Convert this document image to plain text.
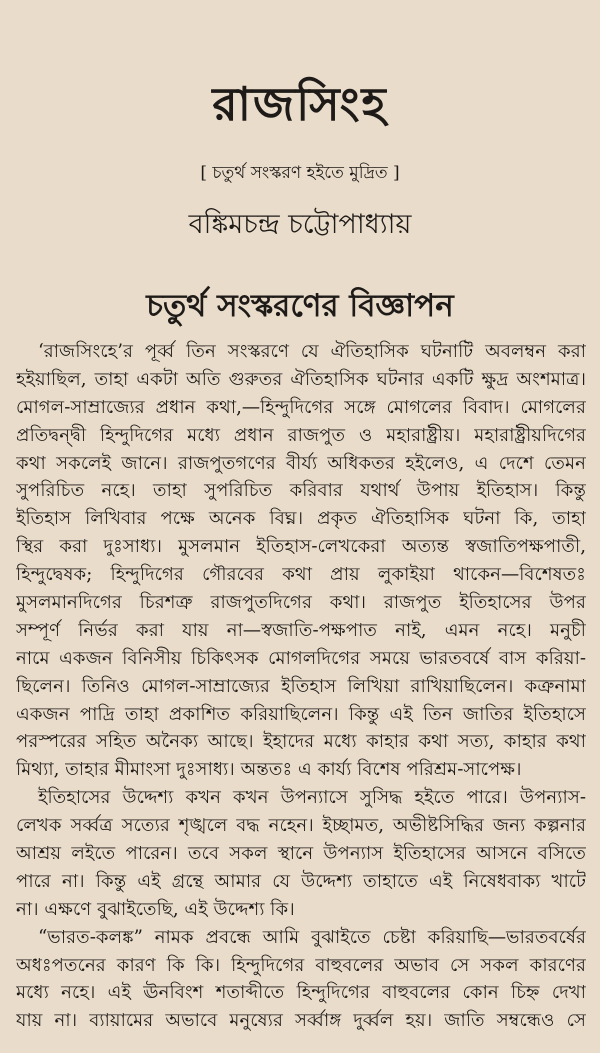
রাজসিংহ
[ চতুর্থ সংস্করণ হইতে মুদ্রিত ]
বঙ্কিমচন্দ্র চট্টোপাধ্যায়
চতুর্থ সংস্করণের বিজ্ঞাপন
‘রাজসিংহে’র পূর্ব্ব তিন সংস্করণে যে ঐতিহাসিক ঘটনাটি অবলম্বন করা
হইয়াছিল, তাহা একটা অতি গুরুতর ঐতিহাসিক ঘটনার একটি ক্ষুদ্র অংশমাত্র।
মোগল-সাম্রাজ্যের প্রধান কথা,—হিন্দুদিগের সঙ্গে মোগলের বিবাদ। মোগলের
প্রতিদ্বন্দ্বী হিন্দুদিগের মধ্যে প্রধান রাজপুত ও মহারাষ্ট্রীয়। মহারাষ্ট্রীয়দিগের
কথা সকলেই জানে। রাজপুতগণের বীর্য্য অধিকতর হইলেও, এ দেশে তেমন
সুপরিচিত নহে। তাহা সুপরিচিত করিবার যথার্থ উপায় ইতিহাস। কিন্তু
ইতিহাস লিখিবার পক্ষে অনেক বিঘ্ন। প্রকৃত ঐতিহাসিক ঘটনা কি, তাহা
স্থির করা দুঃসাধ্য। মুসলমান ইতিহাস-লেখকেরা অত্যন্ত স্বজাতিপক্ষপাতী,
হিন্দুদ্বেষক; হিন্দুদিগের গৌরবের কথা প্রায় লুকাইয়া থাকেন—বিশেষতঃ
মুসলমানদিগের চিরশত্রু রাজপুতদিগের কথা। রাজপুত ইতিহাসের উপর
সম্পূর্ণ নির্ভর করা যায় না—স্বজাতি-পক্ষপাত নাই, এমন নহে। মনুচী
নামে একজন বিনিসীয় চিকিৎসক মোগলদিগের সময়ে ভারতবর্ষে বাস করিয়া-
ছিলেন। তিনিও মোগল-সাম্রাজ্যের ইতিহাস লিখিয়া রাখিয়াছিলেন। কত্রুনামা
একজন পাদ্রি তাহা প্রকাশিত করিয়াছিলেন। কিন্তু এই তিন জাতির ইতিহাসে
পরস্পরের সহিত অনৈক্য আছে। ইহাদের মধ্যে কাহার কথা সত্য, কাহার কথা
মিথ্যা, তাহার মীমাংসা দুঃসাধ্য। অন্ততঃ এ কার্য্য বিশেষ পরিশ্রম-সাপেক্ষ।
ইতিহাসের উদ্দেশ্য কখন কখন উপন্যাসে সুসিদ্ধ হইতে পারে। উপন্যাস-
লেখক সর্ব্বত্র সত্যের শৃঙ্খলে বদ্ধ নহেন। ইচ্ছামত, অভীষ্টসিদ্ধির জন্য কল্পনার
আশ্রয় লইতে পারেন। তবে সকল স্থানে উপন্যাস ইতিহাসের আসনে বসিতে
পারে না। কিন্তু এই গ্রন্থে আমার যে উদ্দেশ্য তাহাতে এই নিষেধবাক্য খাটে
না। এক্ষণে বুঝাইতেছি, এই উদ্দেশ্য কি।
“ভারত-কলঙ্ক” নামক প্রবন্ধে আমি বুঝাইতে চেষ্টা করিয়াছি—ভারতবর্ষের
অধঃপতনের কারণ কি কি। হিন্দুদিগের বাহুবলের অভাব সে সকল কারণের
মধ্যে নহে। এই ঊনবিংশ শতাব্দীতে হিন্দুদিগের বাহুবলের কোন চিহ্ন দেখা
যায় না। ব্যায়ামের অভাবে মনুষ্যের সর্ব্বাঙ্গ দুর্ব্বল হয়। জাতি সম্বন্ধেও সে
